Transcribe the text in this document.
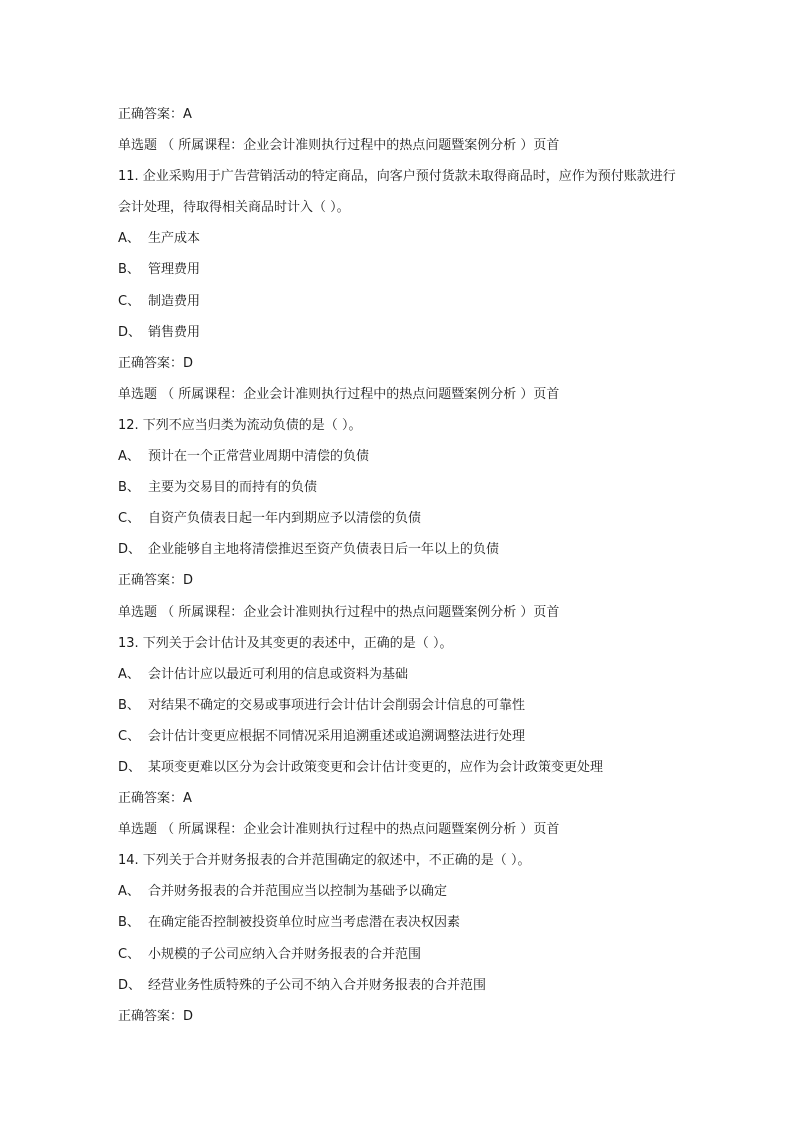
正确答案：A
单选题 （ 所属课程：企业会计准则执行过程中的热点问题暨案例分析 ）页首
11. 企业采购用于广告营销活动的特定商品，向客户预付货款未取得商品时，应作为预付账款进行会计处理，待取得相关商品时计入（ ）。
A、 生产成本
B、 管理费用
C、 制造费用
D、 销售费用
正确答案：D
单选题 （ 所属课程：企业会计准则执行过程中的热点问题暨案例分析 ）页首
12. 下列不应当归类为流动负债的是（ ）。
A、 预计在一个正常营业周期中清偿的负债
B、 主要为交易目的而持有的负债
C、 自资产负债表日起一年内到期应予以清偿的负债
D、 企业能够自主地将清偿推迟至资产负债表日后一年以上的负债
正确答案：D
单选题 （ 所属课程：企业会计准则执行过程中的热点问题暨案例分析 ）页首
13. 下列关于会计估计及其变更的表述中，正确的是（ ）。
A、 会计估计应以最近可利用的信息或资料为基础
B、 对结果不确定的交易或事项进行会计估计会削弱会计信息的可靠性
C、 会计估计变更应根据不同情况采用追溯重述或追溯调整法进行处理
D、 某项变更难以区分为会计政策变更和会计估计变更的，应作为会计政策变更处理
正确答案：A
单选题 （ 所属课程：企业会计准则执行过程中的热点问题暨案例分析 ）页首
14. 下列关于合并财务报表的合并范围确定的叙述中，不正确的是（ ）。
A、 合并财务报表的合并范围应当以控制为基础予以确定
B、 在确定能否控制被投资单位时应当考虑潜在表决权因素
C、 小规模的子公司应纳入合并财务报表的合并范围
D、 经营业务性质特殊的子公司不纳入合并财务报表的合并范围
正确答案：D
